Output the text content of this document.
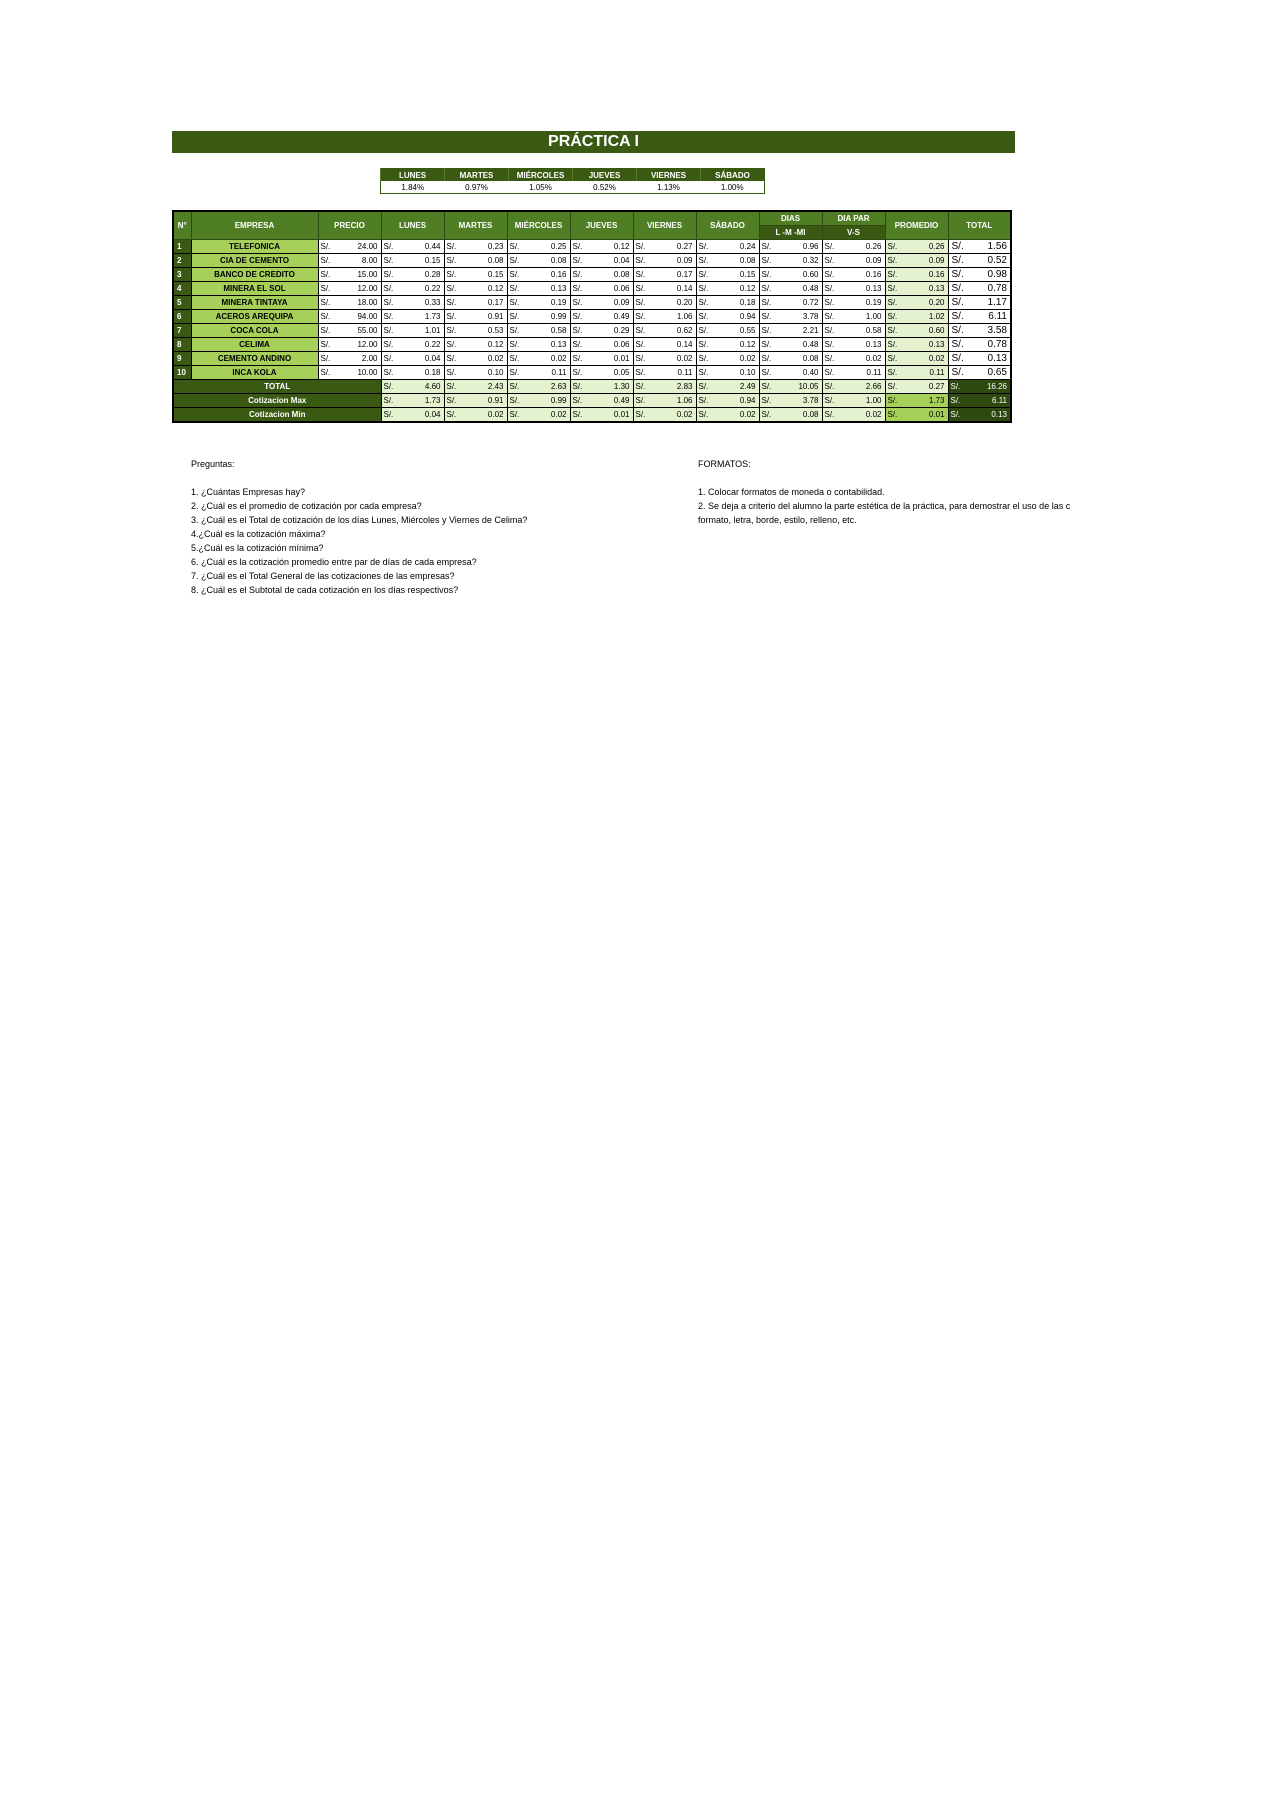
PRÁCTICA I
LUNES	MARTES	MIÉRCOLES	JUEVES	VIERNES	SÁBADO
1.84%	0.97%	1.05%	0.52%	1.13%	1.00%
N°	EMPRESA	PRECIO	LUNES	MARTES	MIÉRCOLES	JUEVES	VIERNES	SÁBADO	DIAS	DIA PAR	PROMEDIO	TOTAL
									L -M -MI	V-S		
1	TELEFONICA	S/. 24.00	S/. 0.44	S/. 0.23	S/. 0.25	S/. 0.12	S/. 0.27	S/. 0.24	S/. 0.96	S/. 0.26	S/. 0.26	S/. 1.56

2	CIA DE CEMENTO	S/. 8.00	S/. 0.15	S/. 0.08	S/. 0.08	S/. 0.04	S/. 0.09	S/. 0.08	S/. 0.32	S/. 0.09	S/. 0.09	S/. 0.52

3	BANCO DE CREDITO	S/. 15.00	S/. 0.28	S/. 0.15	S/. 0.16	S/. 0.08	S/. 0.17	S/. 0.15	S/. 0.60	S/. 0.16	S/. 0.16	S/. 0.98

4	MINERA EL SOL	S/. 12.00	S/. 0.22	S/. 0.12	S/. 0.13	S/. 0.06	S/. 0.14	S/. 0.12	S/. 0.48	S/. 0.13	S/. 0.13	S/. 0.78

5	MINERA TINTAYA	S/. 18.00	S/. 0.33	S/. 0.17	S/. 0.19	S/. 0.09	S/. 0.20	S/. 0.18	S/. 0.72	S/. 0.19	S/. 0.20	S/. 1.17

6	ACEROS AREQUIPA	S/. 94.00	S/. 1.73	S/. 0.91	S/. 0.99	S/. 0.49	S/. 1.06	S/. 0.94	S/. 3.78	S/. 1.00	S/. 1.02	S/. 6.11

7	COCA COLA	S/. 55.00	S/. 1.01	S/. 0.53	S/. 0.58	S/. 0.29	S/. 0.62	S/. 0.55	S/. 2.21	S/. 0.58	S/. 0.60	S/. 3.58

8	CELIMA	S/. 12.00	S/. 0.22	S/. 0.12	S/. 0.13	S/. 0.06	S/. 0.14	S/. 0.12	S/. 0.48	S/. 0.13	S/. 0.13	S/. 0.78

9	CEMENTO ANDINO	S/. 2.00	S/. 0.04	S/. 0.02	S/. 0.02	S/. 0.01	S/. 0.02	S/. 0.02	S/. 0.08	S/. 0.02	S/. 0.02	S/. 0.13

10	INCA KOLA	S/. 10.00	S/. 0.18	S/. 0.10	S/. 0.11	S/. 0.05	S/. 0.11	S/. 0.10	S/. 0.40	S/. 0.11	S/. 0.11	S/. 0.65

TOTAL			S/. 4.60	S/. 2.43	S/. 2.63	S/. 1.30	S/. 2.83	S/. 2.49	S/. 10.05	S/. 2.66	S/. 0.27	S/. 16.26

Cotizacion Max			S/. 1.73	S/. 0.91	S/. 0.99	S/. 0.49	S/. 1.06	S/. 0.94	S/. 3.78	S/. 1.00	S/. 1.73	S/. 6.11

Cotizacion Min			S/. 0.04	S/. 0.02	S/. 0.02	S/. 0.01	S/. 0.02	S/. 0.02	S/. 0.08	S/. 0.02	S/. 0.01	S/. 0.13

Preguntas:

1. ¿Cuántas Empresas hay?

2. ¿Cuál es el promedio de cotización por cada empresa?

3. ¿Cuál es el Total de cotización de los días Lunes, Miércoles y Viernes de Celima?

4.¿Cuál es la cotización máxima?

5.¿Cuál es la cotización mínima?

6. ¿Cuál es la cotización promedio entre par de días de cada empresa?

7. ¿Cuál es el Total General de las cotizaciones de las empresas?

8. ¿Cuál es el Subtotal de cada cotización en los días respectivos?

FORMATOS:

1. Colocar formatos de moneda o contabilidad.

2. Se deja a criterio del alumno la parte estética de la práctica, para demostrar el uso de las c

formato, letra, borde, estilo, relleno, etc.
